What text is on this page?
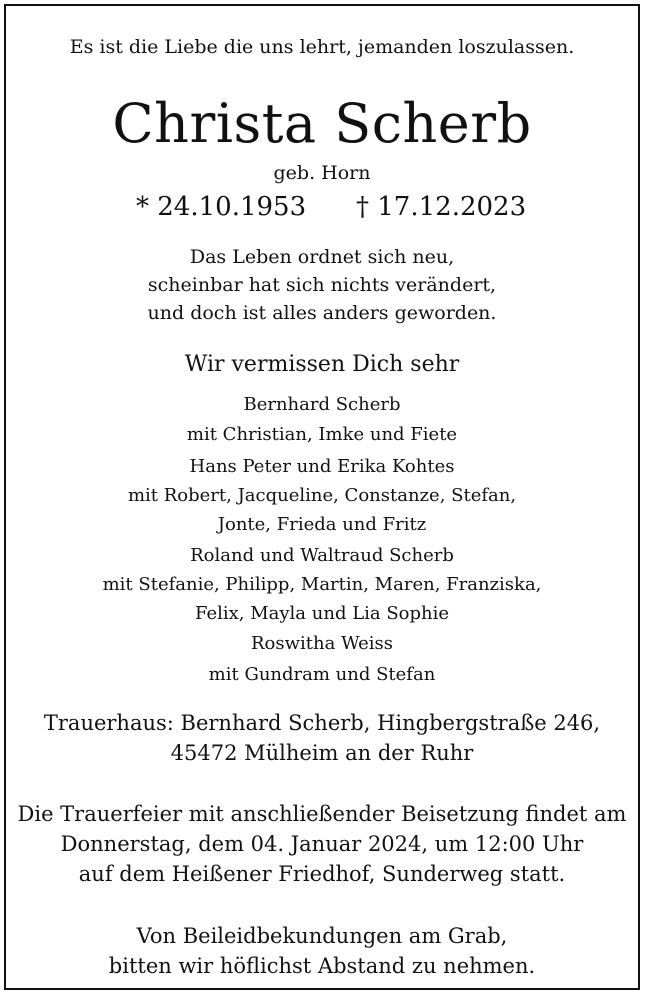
Es ist die Liebe die uns lehrt, jemanden loszulassen.
Christa Scherb
geb. Horn
* 24.10.1953 † 17.12.2023
Das Leben ordnet sich neu,
scheinbar hat sich nichts verändert,
und doch ist alles anders geworden.
Wir vermissen Dich sehr
Bernhard Scherb
mit Christian, Imke und Fiete
Hans Peter und Erika Kohtes
mit Robert, Jacqueline, Constanze, Stefan,
Jonte, Frieda und Fritz
Roland und Waltraud Scherb
mit Stefanie, Philipp, Martin, Maren, Franziska,
Felix, Mayla und Lia Sophie
Roswitha Weiss
mit Gundram und Stefan
Trauerhaus: Bernhard Scherb, Hingbergstraße 246,
45472 Mülheim an der Ruhr
Die Trauerfeier mit anschließender Beisetzung findet am
Donnerstag, dem 04. Januar 2024, um 12:00 Uhr
auf dem Heißener Friedhof, Sunderweg statt.
Von Beileidbekundungen am Grab,
bitten wir höflichst Abstand zu nehmen.
